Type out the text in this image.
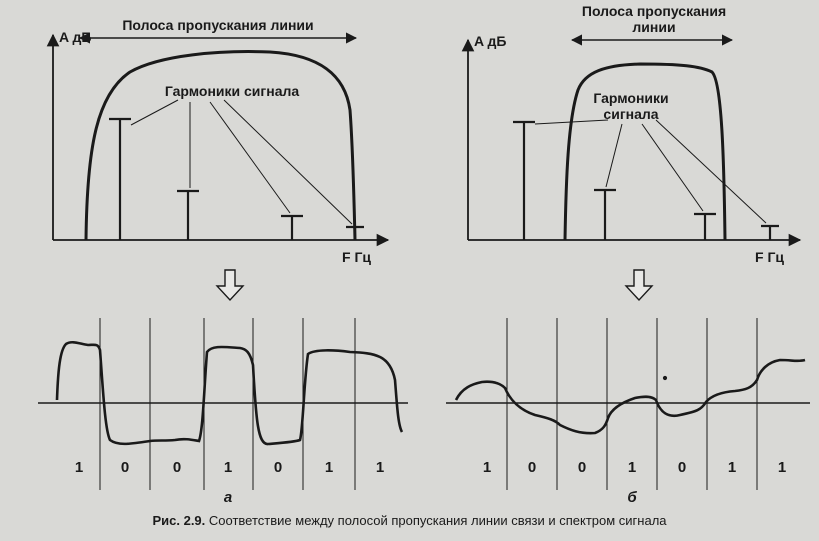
A дБ
F Гц
Полоса пропускания линии
Гармоники сигнала
1	0	0	1	0	1	1
а
A дБ
F Гц
Полоса пропускания
линии
Гармоники
сигнала
1 0	0	1	0	1	1
б
Рис. 2.9. Соответствие между полосой пропускания линии связи и спектром сигнала
